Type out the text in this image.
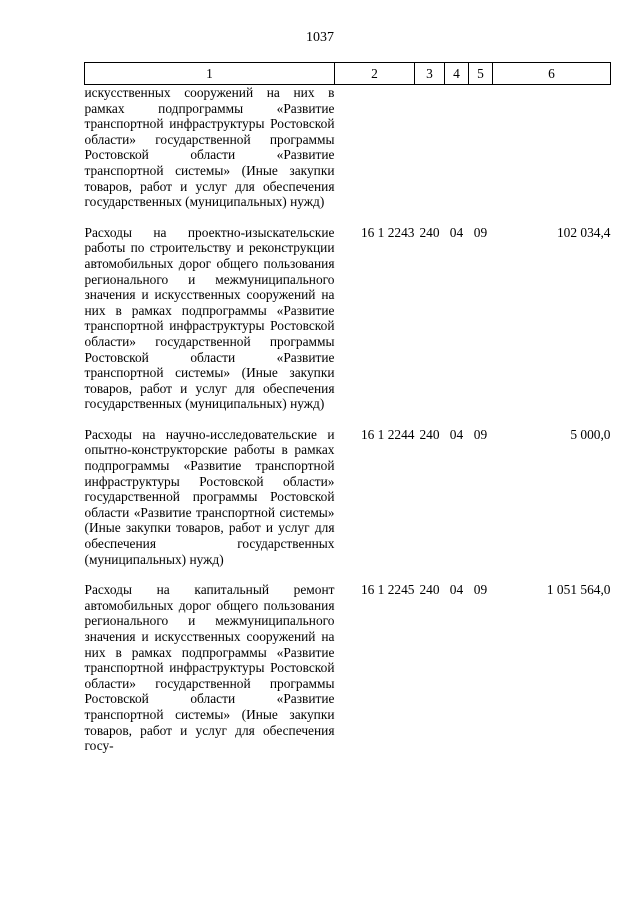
1037
1	2	3	4	5	6
искусственных сооружений на них в рамках подпрограммы «Развитие транспортной инфраструктуры Ростовской области» государственной программы Ростовской области «Развитие транспортной системы» (Иные закупки товаров, работ и услуг для обеспечения государственных (муниципальных) нужд)					
Расходы на проектно-изыскательские работы по строительству и реконструкции автомобильных дорог общего пользования регионального и межмуниципального значения и искусственных сооружений на них в рамках подпрограммы «Развитие транспортной инфраструктуры Ростовской области» государственной программы Ростовской области «Развитие транспортной системы» (Иные закупки товаров, работ и услуг для обеспечения государственных (муниципальных) нужд)	16 1 2243	240	04	09	102 034,4
Расходы на научно-исследовательские и опытно-конструкторские работы в рамках подпрограммы «Развитие транспортной инфраструктуры Ростовской области» государственной программы Ростовской области «Развитие транспортной системы» (Иные закупки товаров, работ и услуг для обеспечения государственных (муниципальных) нужд)	16 1 2244	240	04	09	5 000,0
Расходы на капитальный ремонт автомобильных дорог общего пользования регионального и межмуниципального значения и искусственных сооружений на них в рамках подпрограммы «Развитие транспортной инфраструктуры Ростовской области» государственной программы Ростовской области «Развитие транспортной системы» (Иные закупки товаров, работ и услуг для обеспечения госу-	16 1 2245	240	04	09	1 051 564,0
